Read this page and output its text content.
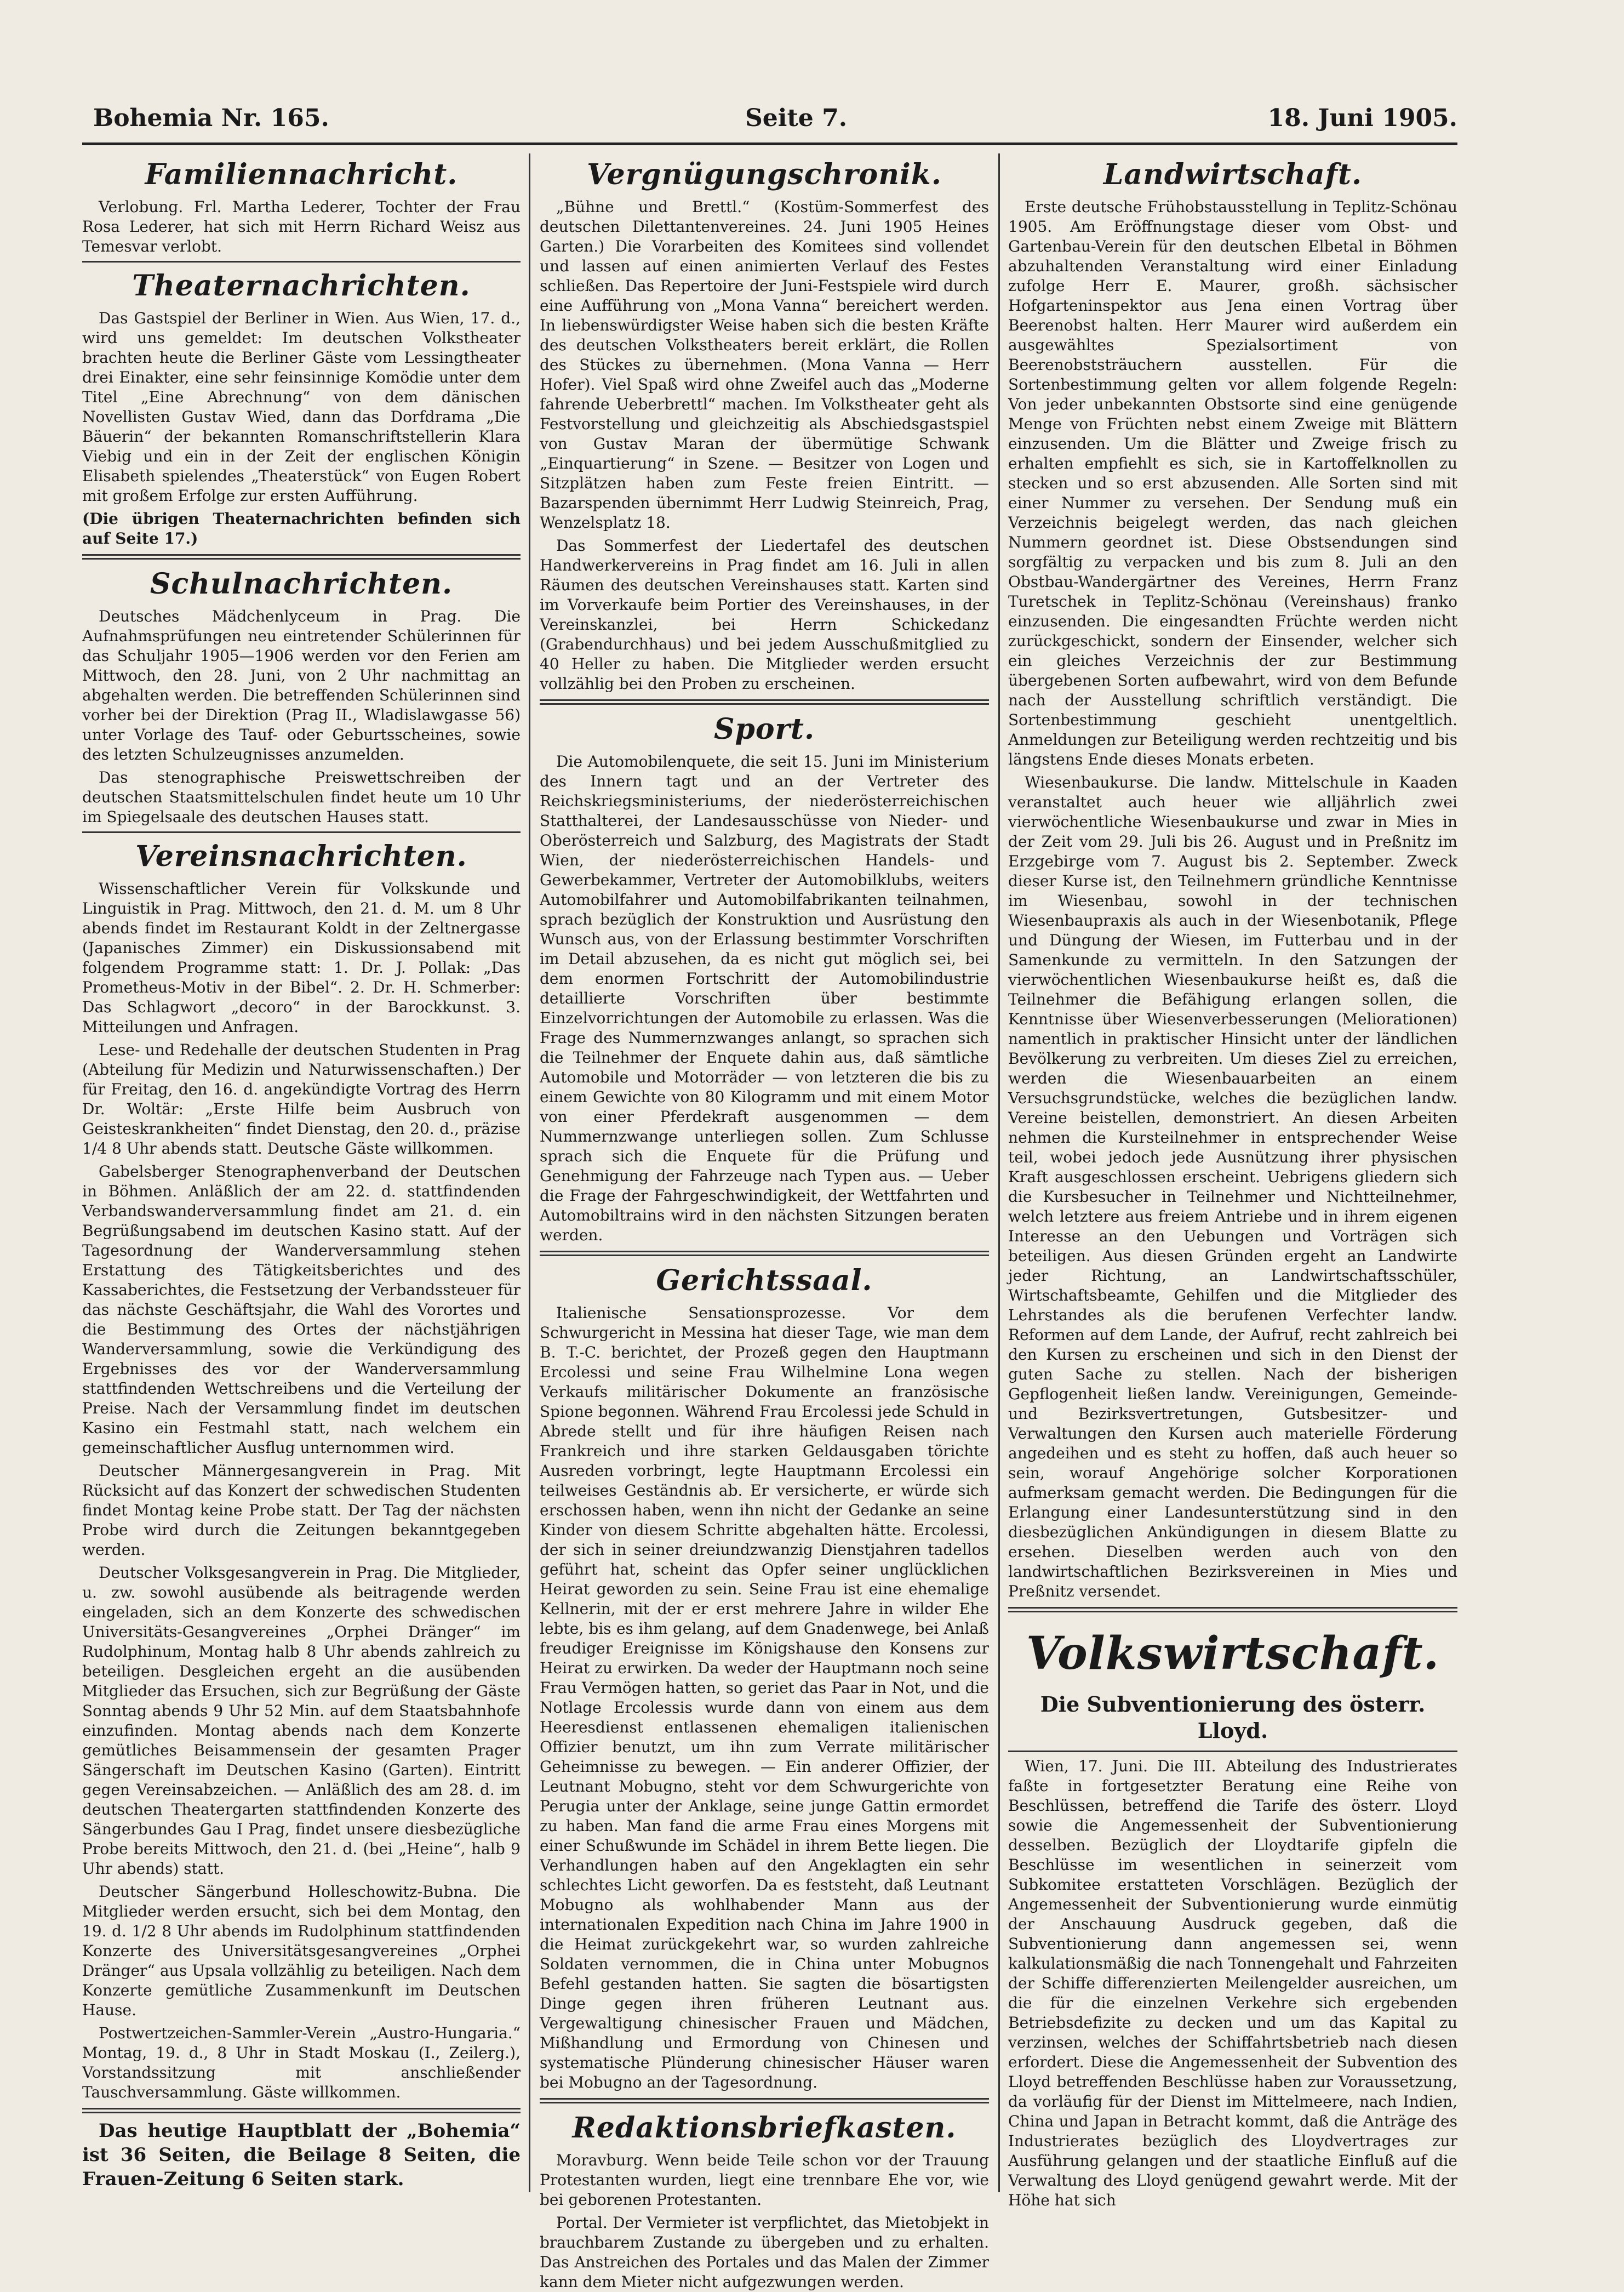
Bohemia Nr. 165.	Seite 7.	18. Juni 1905.
Familiennachricht.

Verlobung. Frl. Martha Lederer, Tochter der Frau Rosa Lederer, hat sich mit Herrn Richard Weisz aus Temesvar verlobt.

Theaternachrichten.

Das Gastspiel der Berliner in Wien. Aus Wien, 17. d., wird uns gemeldet: Im deutschen Volkstheater brachten heute die Berliner Gäste vom Lessingtheater drei Einakter, eine sehr feinsinnige Komödie unter dem Titel „Eine Abrechnung“ von dem dänischen Novellisten Gustav Wied, dann das Dorfdrama „Die Bäuerin“ der bekannten Romanschriftstellerin Klara Viebig und ein in der Zeit der englischen Königin Elisabeth spielendes „Theaterstück“ von Eugen Robert mit großem Erfolge zur ersten Aufführung.

(Die übrigen Theaternachrichten befinden sich auf Seite 17.)

Schulnachrichten.

Deutsches Mädchenlyceum in Prag. Die Aufnahmsprüfungen neu eintretender Schülerinnen für das Schuljahr 1905—1906 werden vor den Ferien am Mittwoch, den 28. Juni, von 2 Uhr nachmittag an abgehalten werden. Die betreffenden Schülerinnen sind vorher bei der Direktion (Prag II., Wladislawgasse 56) unter Vorlage des Tauf- oder Geburtsscheines, sowie des letzten Schulzeugnisses anzumelden.

Das stenographische Preiswettschreiben der deutschen Staatsmittelschulen findet heute um 10 Uhr im Spiegelsaale des deutschen Hauses statt.

Vereinsnachrichten.

Wissenschaftlicher Verein für Volkskunde und Linguistik in Prag. Mittwoch, den 21. d. M. um 8 Uhr abends findet im Restaurant Koldt in der Zeltnergasse (Japanisches Zimmer) ein Diskussionsabend mit folgendem Programme statt: 1. Dr. J. Pollak: „Das Prometheus-Motiv in der Bibel“. 2. Dr. H. Schmerber: Das Schlagwort „decoro“ in der Barockkunst. 3. Mitteilungen und Anfragen.

Lese- und Redehalle der deutschen Studenten in Prag (Abteilung für Medizin und Naturwissenschaften.) Der für Freitag, den 16. d. angekündigte Vortrag des Herrn Dr. Woltär: „Erste Hilfe beim Ausbruch von Geisteskrankheiten“ findet Dienstag, den 20. d., präzise 1/4 8 Uhr abends statt. Deutsche Gäste willkommen.

Gabelsberger Stenographenverband der Deutschen in Böhmen. Anläßlich der am 22. d. stattfindenden Verbandswanderversammlung findet am 21. d. ein Begrüßungsabend im deutschen Kasino statt. Auf der Tagesordnung der Wanderversammlung stehen Erstattung des Tätigkeitsberichtes und des Kassaberichtes, die Festsetzung der Verbandssteuer für das nächste Geschäftsjahr, die Wahl des Vorortes und die Bestimmung des Ortes der nächstjährigen Wanderversammlung, sowie die Verkündigung des Ergebnisses des vor der Wanderversammlung stattfindenden Wettschreibens und die Verteilung der Preise. Nach der Versammlung findet im deutschen Kasino ein Festmahl statt, nach welchem ein gemeinschaftlicher Ausflug unternommen wird.

Deutscher Männergesangverein in Prag. Mit Rücksicht auf das Konzert der schwedischen Studenten findet Montag keine Probe statt. Der Tag der nächsten Probe wird durch die Zeitungen bekanntgegeben werden.

Deutscher Volksgesangverein in Prag. Die Mitglieder, u. zw. sowohl ausübende als beitragende werden eingeladen, sich an dem Konzerte des schwedischen Universitäts-Gesangvereines „Orphei Dränger“ im Rudolphinum, Montag halb 8 Uhr abends zahlreich zu beteiligen. Desgleichen ergeht an die ausübenden Mitglieder das Ersuchen, sich zur Begrüßung der Gäste Sonntag abends 9 Uhr 52 Min. auf dem Staatsbahnhofe einzufinden. Montag abends nach dem Konzerte gemütliches Beisammensein der gesamten Prager Sängerschaft im Deutschen Kasino (Garten). Eintritt gegen Vereinsabzeichen. — Anläßlich des am 28. d. im deutschen Theatergarten stattfindenden Konzerte des Sängerbundes Gau I Prag, findet unsere diesbezügliche Probe bereits Mittwoch, den 21. d. (bei „Heine“, halb 9 Uhr abends) statt.

Deutscher Sängerbund Holleschowitz-Bubna. Die Mitglieder werden ersucht, sich bei dem Montag, den 19. d. 1/2 8 Uhr abends im Rudolphinum stattfindenden Konzerte des Universitätsgesangvereines „Orphei Dränger“ aus Upsala vollzählig zu beteiligen. Nach dem Konzerte gemütliche Zusammenkunft im Deutschen Hause.

Postwertzeichen-Sammler-Verein „Austro-Hungaria.“ Montag, 19. d., 8 Uhr in Stadt Moskau (I., Zeilerg.), Vorstandssitzung mit anschließender Tauschversammlung. Gäste willkommen.

Das heutige Hauptblatt der „Bohemia“ ist 36 Seiten, die Beilage 8 Seiten, die Frauen-Zeitung 6 Seiten stark.

Vergnügungschronik.

„Bühne und Brettl.“ (Kostüm-Sommerfest des deutschen Dilettantenvereines. 24. Juni 1905 Heines Garten.) Die Vorarbeiten des Komitees sind vollendet und lassen auf einen animierten Verlauf des Festes schließen. Das Repertoire der Juni-Festspiele wird durch eine Aufführung von „Mona Vanna“ bereichert werden. In liebenswürdigster Weise haben sich die besten Kräfte des deutschen Volkstheaters bereit erklärt, die Rollen des Stückes zu übernehmen. (Mona Vanna — Herr Hofer). Viel Spaß wird ohne Zweifel auch das „Moderne fahrende Ueberbrettl“ machen. Im Volkstheater geht als Festvorstellung und gleichzeitig als Abschiedsgastspiel von Gustav Maran der übermütige Schwank „Einquartierung“ in Szene. — Besitzer von Logen und Sitzplätzen haben zum Feste freien Eintritt. — Bazarspenden übernimmt Herr Ludwig Steinreich, Prag, Wenzelsplatz 18.

Das Sommerfest der Liedertafel des deutschen Handwerkervereins in Prag findet am 16. Juli in allen Räumen des deutschen Vereinshauses statt. Karten sind im Vorverkaufe beim Portier des Vereinshauses, in der Vereinskanzlei, bei Herrn Schickedanz (Grabendurchhaus) und bei jedem Ausschußmitglied zu 40 Heller zu haben. Die Mitglieder werden ersucht vollzählig bei den Proben zu erscheinen.

Sport.

Die Automobilenquete, die seit 15. Juni im Ministerium des Innern tagt und an der Vertreter des Reichskriegsministeriums, der niederösterreichischen Statthalterei, der Landesausschüsse von Nieder- und Oberösterreich und Salzburg, des Magistrats der Stadt Wien, der niederösterreichischen Handels- und Gewerbekammer, Vertreter der Automobilklubs, weiters Automobilfahrer und Automobilfabrikanten teilnahmen, sprach bezüglich der Konstruktion und Ausrüstung den Wunsch aus, von der Erlassung bestimmter Vorschriften im Detail abzusehen, da es nicht gut möglich sei, bei dem enormen Fortschritt der Automobilindustrie detaillierte Vorschriften über bestimmte Einzelvorrichtungen der Automobile zu erlassen. Was die Frage des Nummernzwanges anlangt, so sprachen sich die Teilnehmer der Enquete dahin aus, daß sämtliche Automobile und Motorräder — von letzteren die bis zu einem Gewichte von 80 Kilogramm und mit einem Motor von einer Pferdekraft ausgenommen — dem Nummernzwange unterliegen sollen. Zum Schlusse sprach sich die Enquete für die Prüfung und Genehmigung der Fahrzeuge nach Typen aus. — Ueber die Frage der Fahrgeschwindigkeit, der Wettfahrten und Automobiltrains wird in den nächsten Sitzungen beraten werden.

Gerichtssaal.

Italienische Sensationsprozesse. Vor dem Schwurgericht in Messina hat dieser Tage, wie man dem B. T.-C. berichtet, der Prozeß gegen den Hauptmann Ercolessi und seine Frau Wilhelmine Lona wegen Verkaufs militärischer Dokumente an französische Spione begonnen. Während Frau Ercolessi jede Schuld in Abrede stellt und für ihre häufigen Reisen nach Frankreich und ihre starken Geldausgaben törichte Ausreden vorbringt, legte Hauptmann Ercolessi ein teilweises Geständnis ab. Er versicherte, er würde sich erschossen haben, wenn ihn nicht der Gedanke an seine Kinder von diesem Schritte abgehalten hätte. Ercolessi, der sich in seiner dreiundzwanzig Dienstjahren tadellos geführt hat, scheint das Opfer seiner unglücklichen Heirat geworden zu sein. Seine Frau ist eine ehemalige Kellnerin, mit der er erst mehrere Jahre in wilder Ehe lebte, bis es ihm gelang, auf dem Gnadenwege, bei Anlaß freudiger Ereignisse im Königshause den Konsens zur Heirat zu erwirken. Da weder der Hauptmann noch seine Frau Vermögen hatten, so geriet das Paar in Not, und die Notlage Ercolessis wurde dann von einem aus dem Heeresdienst entlassenen ehemaligen italienischen Offizier benutzt, um ihn zum Verrate militärischer Geheimnisse zu bewegen. — Ein anderer Offizier, der Leutnant Mobugno, steht vor dem Schwurgerichte von Perugia unter der Anklage, seine junge Gattin ermordet zu haben. Man fand die arme Frau eines Morgens mit einer Schußwunde im Schädel in ihrem Bette liegen. Die Verhandlungen haben auf den Angeklagten ein sehr schlechtes Licht geworfen. Da es feststeht, daß Leutnant Mobugno als wohlhabender Mann aus der internationalen Expedition nach China im Jahre 1900 in die Heimat zurückgekehrt war, so wurden zahlreiche Soldaten vernommen, die in China unter Mobugnos Befehl gestanden hatten. Sie sagten die bösartigsten Dinge gegen ihren früheren Leutnant aus. Vergewaltigung chinesischer Frauen und Mädchen, Mißhandlung und Ermordung von Chinesen und systematische Plünderung chinesischer Häuser waren bei Mobugno an der Tagesordnung.

Redaktionsbriefkasten.

Moravburg. Wenn beide Teile schon vor der Trauung Protestanten wurden, liegt eine trennbare Ehe vor, wie bei geborenen Protestanten.

Portal. Der Vermieter ist verpflichtet, das Mietobjekt in brauchbarem Zustande zu übergeben und zu erhalten. Das Anstreichen des Portales und das Malen der Zimmer kann dem Mieter nicht aufgezwungen werden.

Landwirtschaft.

Erste deutsche Frühobstausstellung in Teplitz-Schönau 1905. Am Eröffnungstage dieser vom Obst- und Gartenbau-Verein für den deutschen Elbetal in Böhmen abzuhaltenden Veranstaltung wird einer Einladung zufolge Herr E. Maurer, großh. sächsischer Hofgarteninspektor aus Jena einen Vortrag über Beerenobst halten. Herr Maurer wird außerdem ein ausgewähltes Spezialsortiment von Beerenobststräuchern ausstellen. Für die Sortenbestimmung gelten vor allem folgende Regeln: Von jeder unbekannten Obstsorte sind eine genügende Menge von Früchten nebst einem Zweige mit Blättern einzusenden. Um die Blätter und Zweige frisch zu erhalten empfiehlt es sich, sie in Kartoffelknollen zu stecken und so erst abzusenden. Alle Sorten sind mit einer Nummer zu versehen. Der Sendung muß ein Verzeichnis beigelegt werden, das nach gleichen Nummern geordnet ist. Diese Obstsendungen sind sorgfältig zu verpacken und bis zum 8. Juli an den Obstbau-Wandergärtner des Vereines, Herrn Franz Turetschek in Teplitz-Schönau (Vereinshaus) franko einzusenden. Die eingesandten Früchte werden nicht zurückgeschickt, sondern der Einsender, welcher sich ein gleiches Verzeichnis der zur Bestimmung übergebenen Sorten aufbewahrt, wird von dem Befunde nach der Ausstellung schriftlich verständigt. Die Sortenbestimmung geschieht unentgeltlich. Anmeldungen zur Beteiligung werden rechtzeitig und bis längstens Ende dieses Monats erbeten.

Wiesenbaukurse. Die landw. Mittelschule in Kaaden veranstaltet auch heuer wie alljährlich zwei vierwöchentliche Wiesenbaukurse und zwar in Mies in der Zeit vom 29. Juli bis 26. August und in Preßnitz im Erzgebirge vom 7. August bis 2. September. Zweck dieser Kurse ist, den Teilnehmern gründliche Kenntnisse im Wiesenbau, sowohl in der technischen Wiesenbaupraxis als auch in der Wiesenbotanik, Pflege und Düngung der Wiesen, im Futterbau und in der Samenkunde zu vermitteln. In den Satzungen der vierwöchentlichen Wiesenbaukurse heißt es, daß die Teilnehmer die Befähigung erlangen sollen, die Kenntnisse über Wiesenverbesserungen (Meliorationen) namentlich in praktischer Hinsicht unter der ländlichen Bevölkerung zu verbreiten. Um dieses Ziel zu erreichen, werden die Wiesenbauarbeiten an einem Versuchsgrundstücke, welches die bezüglichen landw. Vereine beistellen, demonstriert. An diesen Arbeiten nehmen die Kursteilnehmer in entsprechender Weise teil, wobei jedoch jede Ausnützung ihrer physischen Kraft ausgeschlossen erscheint. Uebrigens gliedern sich die Kursbesucher in Teilnehmer und Nichtteilnehmer, welch letztere aus freiem Antriebe und in ihrem eigenen Interesse an den Uebungen und Vorträgen sich beteiligen. Aus diesen Gründen ergeht an Landwirte jeder Richtung, an Landwirtschaftsschüler, Wirtschaftsbeamte, Gehilfen und die Mitglieder des Lehrstandes als die berufenen Verfechter landw. Reformen auf dem Lande, der Aufruf, recht zahlreich bei den Kursen zu erscheinen und sich in den Dienst der guten Sache zu stellen. Nach der bisherigen Gepflogenheit ließen landw. Vereinigungen, Gemeinde- und Bezirksvertretungen, Gutsbesitzer- und Verwaltungen den Kursen auch materielle Förderung angedeihen und es steht zu hoffen, daß auch heuer so sein, worauf Angehörige solcher Korporationen aufmerksam gemacht werden. Die Bedingungen für die Erlangung einer Landesunterstützung sind in den diesbezüglichen Ankündigungen in diesem Blatte zu ersehen. Dieselben werden auch von den landwirtschaftlichen Bezirksvereinen in Mies und Preßnitz versendet.

Volkswirtschaft.
Die Subventionierung des österr. Lloyd.

Wien, 17. Juni. Die III. Abteilung des Industrierates faßte in fortgesetzter Beratung eine Reihe von Beschlüssen, betreffend die Tarife des österr. Lloyd sowie die Angemessenheit der Subventionierung desselben. Bezüglich der Lloydtarife gipfeln die Beschlüsse im wesentlichen in seinerzeit vom Subkomitee erstatteten Vorschlägen. Bezüglich der Angemessenheit der Subventionierung wurde einmütig der Anschauung Ausdruck gegeben, daß die Subventionierung dann angemessen sei, wenn kalkulationsmäßig die nach Tonnengehalt und Fahrzeiten der Schiffe differenzierten Meilengelder ausreichen, um die für die einzelnen Verkehre sich ergebenden Betriebsdefizite zu decken und um das Kapital zu verzinsen, welches der Schiffahrtsbetrieb nach diesen erfordert. Diese die Angemessenheit der Subvention des Lloyd betreffenden Beschlüsse haben zur Voraussetzung, da vorläufig für der Dienst im Mittelmeere, nach Indien, China und Japan in Betracht kommt, daß die Anträge des Industrierates bezüglich des Lloydvertrages zur Ausführung gelangen und der staatliche Einfluß auf die Verwaltung des Lloyd genügend gewahrt werde. Mit der Höhe hat sich
